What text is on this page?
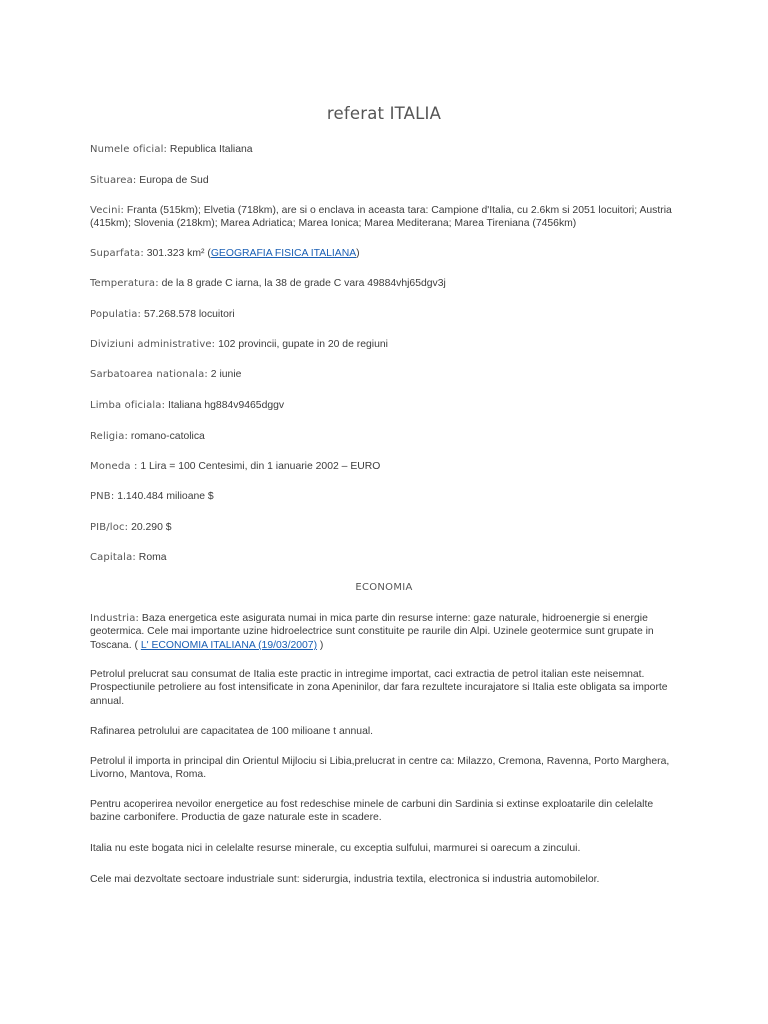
referat ITALIA

Numele oficial: Republica Italiana

Situarea: Europa de Sud

Vecini: Franta (515km); Elvetia (718km), are si o enclava in aceasta tara: Campione d'Italia, cu 2.6km si 2051 locuitori; Austria (415km); Slovenia (218km); Marea Adriatica; Marea Ionica; Marea Mediterana; Marea Tireniana (7456km)

Suparfata: 301.323 km² (GEOGRAFIA FISICA ITALIANA)

Temperatura: de la 8 grade C iarna, la 38 de grade C vara 49884vhj65dgv3j

Populatia: 57.268.578 locuitori

Diviziuni administrative: 102 provincii, gupate in 20 de regiuni

Sarbatoarea nationala: 2 iunie

Limba oficiala: Italiana hg884v9465dggv

Religia: romano-catolica

Moneda : 1 Lira = 100 Centesimi, din 1 ianuarie 2002 – EURO

PNB: 1.140.484 milioane $

PIB/loc: 20.290 $

Capitala: Roma

ECONOMIA

Industria: Baza energetica este asigurata numai in mica parte din resurse interne: gaze naturale, hidroenergie si energie geotermica. Cele mai importante uzine hidroelectrice sunt constituite pe raurile din Alpi. Uzinele geotermice sunt grupate in Toscana. ( L' ECONOMIA ITALIANA (19/03/2007) )

Petrolul prelucrat sau consumat de Italia este practic in intregime importat, caci extractia de petrol italian este neisemnat. Prospectiunile petroliere au fost intensificate in zona Apeninilor, dar fara rezultete incurajatore si Italia este obligata sa importe annual.

Rafinarea petrolului are capacitatea de 100 milioane t annual.

Petrolul il importa in principal din Orientul Mijlociu si Libia,prelucrat in centre ca: Milazzo, Cremona, Ravenna, Porto Marghera, Livorno, Mantova, Roma.

Pentru acoperirea nevoilor energetice au fost redeschise minele de carbuni din Sardinia si extinse exploatarile din celelalte bazine carbonifere. Productia de gaze naturale este in scadere.

Italia nu este bogata nici in celelalte resurse minerale, cu exceptia sulfului, marmurei si oarecum a zincului.

Cele mai dezvoltate sectoare industriale sunt: siderurgia, industria textila, electronica si industria automobilelor.
